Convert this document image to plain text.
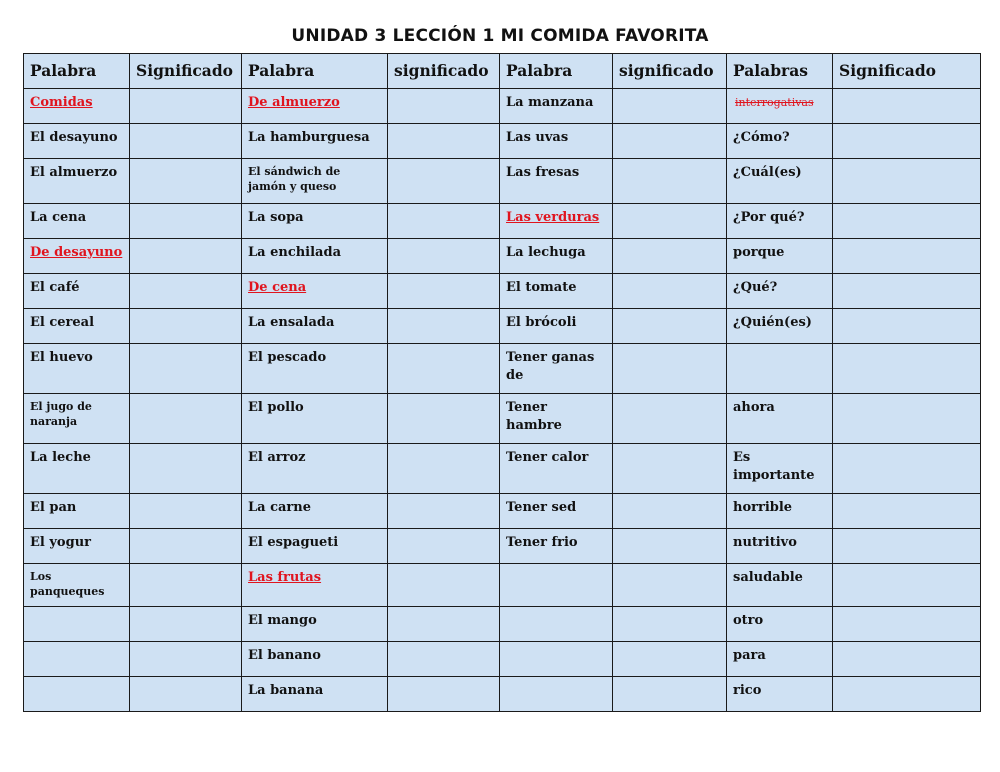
UNIDAD 3 LECCIÓN 1 MI COMIDA FAVORITA
Palabra	Significado	Palabra	significado	Palabra	significado	Palabras	Significado
Comidas		De almuerzo		La manzana		interrogativas	
El desayuno		La hamburguesa		Las uvas		¿Cómo?	
El almuerzo		El sándwich de jamón y queso		Las fresas		¿Cuál(es)	
La cena		La sopa		Las verduras		¿Por qué?	
De desayuno		La enchilada		La lechuga		porque	
El café		De cena		El tomate		¿Qué?	
El cereal		La ensalada		El brócoli		¿Quién(es)	
El huevo		El pescado		Tener ganas de			
El jugo de naranja		El pollo		Tener hambre		ahora	
La leche		El arroz		Tener calor		Es importante	
El pan		La carne		Tener sed		horrible	
El yogur		El espagueti		Tener frio		nutritivo	
Los panqueques		Las frutas				saludable	
		El mango				otro	
		El banano				para	
		La banana				rico	
